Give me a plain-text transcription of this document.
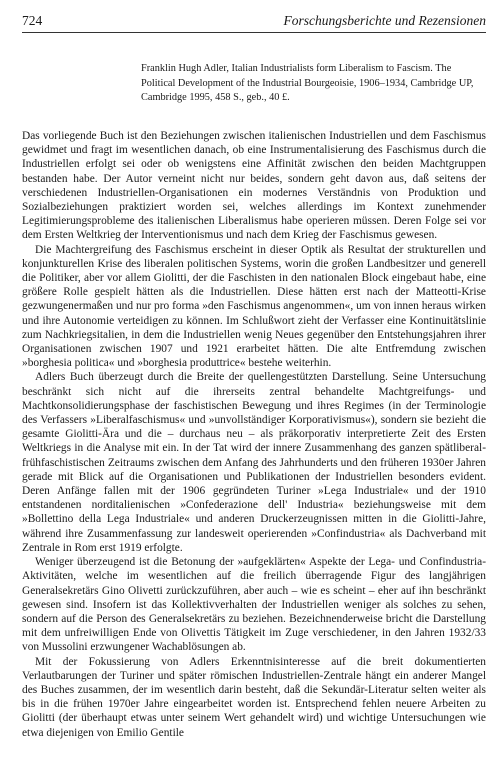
724	Forschungsberichte und Rezensionen
Franklin Hugh Adler, Italian Industrialists form Liberalism to Fascism. The Political Development of the Industrial Bourgeoisie, 1906–1934, Cambridge UP, Cambridge 1995, 458 S., geb., 40 £.

Das vorliegende Buch ist den Beziehungen zwischen italienischen Industriellen und dem Faschismus gewidmet und fragt im wesentlichen danach, ob eine Instrumentalisierung des Faschismus durch die Industriellen erfolgt sei oder ob wenigstens eine Affinität zwischen den beiden Machtgruppen bestanden habe. Der Autor verneint nicht nur beides, sondern geht davon aus, daß seitens der verschiedenen Industriellen-Organisationen ein modernes Verständnis von Produktion und Sozialbeziehungen praktiziert worden sei, welches allerdings im Kontext zunehmender Legitimierungsprobleme des italienischen Liberalismus habe operieren müssen. Deren Folge sei vor dem Ersten Weltkrieg der Interventionismus und nach dem Krieg der Faschismus gewesen.

Die Machtergreifung des Faschismus erscheint in dieser Optik als Resultat der strukturellen und konjunkturellen Krise des liberalen politischen Systems, worin die großen Landbesitzer und generell die Politiker, aber vor allem Giolitti, der die Faschisten in den nationalen Block eingebaut habe, eine größere Rolle gespielt hätten als die Industriellen. Diese hätten erst nach der Matteotti-Krise gezwungenermaßen und nur pro forma »den Faschismus angenommen«, um von innen heraus wirken und ihre Autonomie verteidigen zu können. Im Schlußwort zieht der Verfasser eine Kontinuitätslinie zum Nachkriegsitalien, in dem die Industriellen wenig Neues gegenüber den Entstehungsjahren ihrer Organisationen zwischen 1907 und 1921 erarbeitet hätten. Die alte Entfremdung zwischen »borghesia politica« und »borghesia produttrice« bestehe weiterhin.

Adlers Buch überzeugt durch die Breite der quellengestützten Darstellung. Seine Untersuchung beschränkt sich nicht auf die ihrerseits zentral behandelte Machtgreifungs- und Machtkonsolidierungsphase der faschistischen Bewegung und ihres Regimes (in der Terminologie des Verfassers »Liberalfaschismus« und »unvollständiger Korporativismus«), sondern sie bezieht die gesamte Giolitti-Ära und die – durchaus neu – als präkorporativ interpretierte Zeit des Ersten Weltkriegs in die Analyse mit ein. In der Tat wird der innere Zusammenhang des ganzen spätliberal-frühfaschistischen Zeitraums zwischen dem Anfang des Jahrhunderts und den früheren 1930er Jahren gerade mit Blick auf die Organisationen und Publikationen der Industriellen besonders evident. Deren Anfänge fallen mit der 1906 gegründeten Turiner »Lega Industriale« und der 1910 entstandenen norditalienischen »Confederazione dell' Industria« beziehungsweise mit dem »Bollettino della Lega Industriale« und anderen Druckerzeugnissen mitten in die Giolitti-Jahre, während ihre Zusammenfassung zur landesweit operierenden »Confindustria« als Dachverband mit Zentrale in Rom erst 1919 erfolgte.

Weniger überzeugend ist die Betonung der »aufgeklärten« Aspekte der Lega- und Confindustria-Aktivitäten, welche im wesentlichen auf die freilich überragende Figur des langjährigen Generalsekretärs Gino Olivetti zurückzuführen, aber auch – wie es scheint – eher auf ihn beschränkt gewesen sind. Insofern ist das Kollektivverhalten der Industriellen weniger als solches zu sehen, sondern auf die Person des Generalsekretärs zu beziehen. Bezeichnenderweise bricht die Darstellung mit dem unfreiwilligen Ende von Olivettis Tätigkeit im Zuge verschiedener, in den Jahren 1932/33 von Mussolini erzwungener Wachablösungen ab.

Mit der Fokussierung von Adlers Erkenntnisinteresse auf die breit dokumentierten Verlautbarungen der Turiner und später römischen Industriellen-Zentrale hängt ein anderer Mangel des Buches zusammen, der im wesentlich darin besteht, daß die Sekundär-Literatur selten weiter als bis in die frühen 1970er Jahre eingearbeitet worden ist. Entsprechend fehlen neuere Arbeiten zu Giolitti (der überhaupt etwas unter seinem Wert gehandelt wird) und wichtige Untersuchungen wie etwa diejenigen von Emilio Gentile
